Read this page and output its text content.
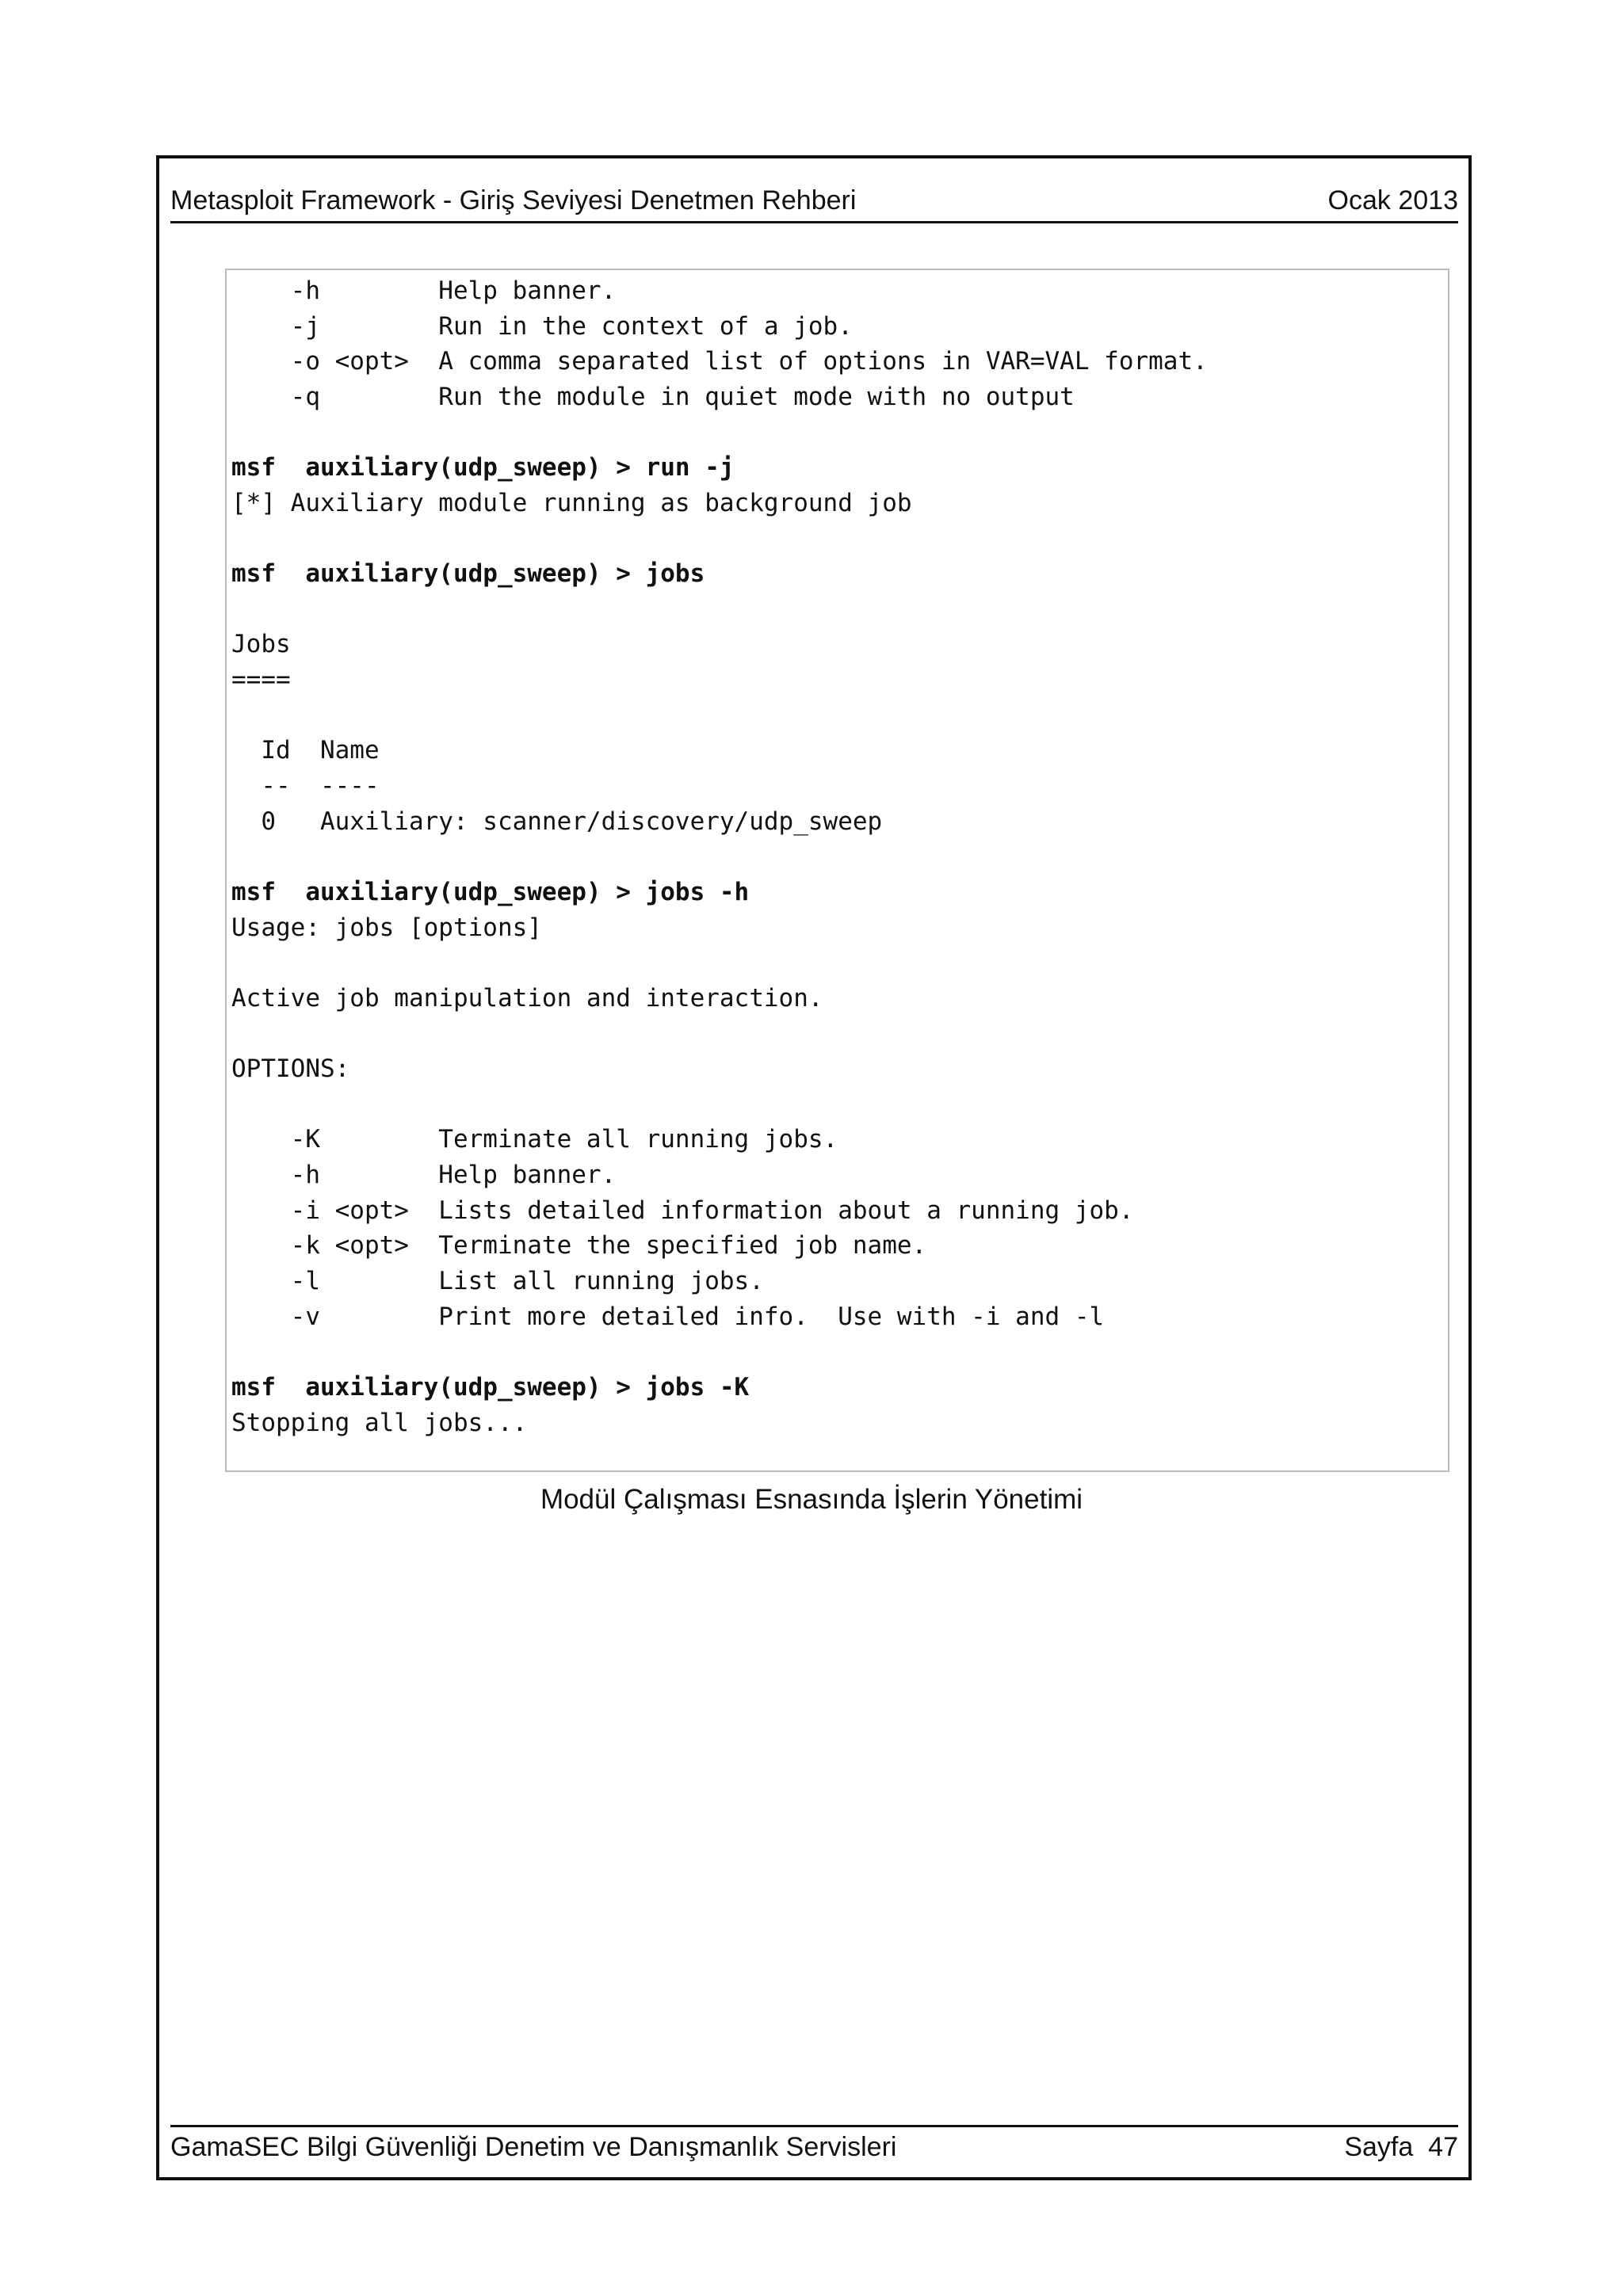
Metasploit Framework - Giriş Seviyesi Denetmen Rehberi	Ocak 2013
-h        Help banner.
-j        Run in the context of a job.
-o <opt>  A comma separated list of options in VAR=VAL format.
-q        Run the module in quiet mode with no output
msf  auxiliary(udp_sweep) > run -j
[*] Auxiliary module running as background job
msf  auxiliary(udp_sweep) > jobs
Jobs
====
Id  Name
--  ----
0   Auxiliary: scanner/discovery/udp_sweep
msf  auxiliary(udp_sweep) > jobs -h
Usage: jobs [options]
Active job manipulation and interaction.
OPTIONS:
-K        Terminate all running jobs.
-h        Help banner.
-i <opt>  Lists detailed information about a running job.
-k <opt>  Terminate the specified job name.
-l        List all running jobs.
-v        Print more detailed info.  Use with -i and -l
msf  auxiliary(udp_sweep) > jobs -K
Stopping all jobs...
Modül Çalışması Esnasında İşlerin Yönetimi
GamaSEC Bilgi Güvenliği Denetim ve Danışmanlık Servisleri	Sayfa  47
